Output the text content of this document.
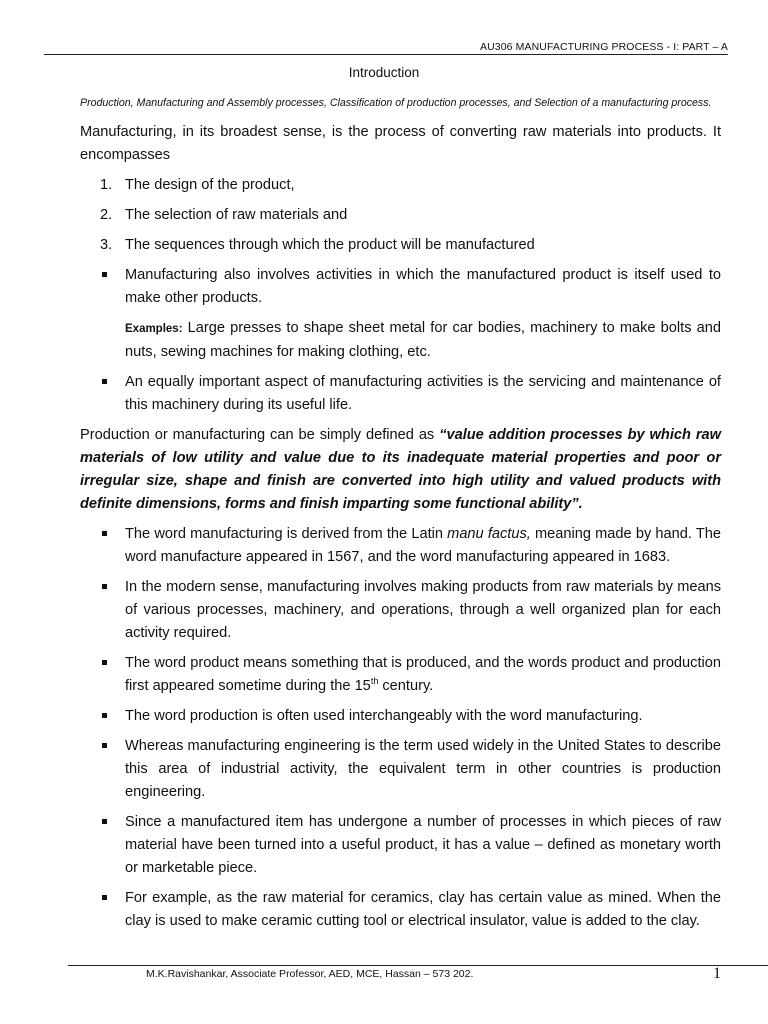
AU306 MANUFACTURING PROCESS - I: PART – A
Introduction
Production, Manufacturing and Assembly processes, Classification of production processes, and Selection of a manufacturing process.

Manufacturing, in its broadest sense, is the process of converting raw materials into products. It encompasses

1. The design of the product,
2. The selection of raw materials and
3. The sequences through which the product will be manufactured
Manufacturing also involves activities in which the manufactured product is itself used to make other products.

Examples: Large presses to shape sheet metal for car bodies, machinery to make bolts and nuts, sewing machines for making clothing, etc.

An equally important aspect of manufacturing activities is the servicing and maintenance of this machinery during its useful life.

Production or manufacturing can be simply defined as “value addition processes by which raw materials of low utility and value due to its inadequate material properties and poor or irregular size, shape and finish are converted into high utility and valued products with definite dimensions, forms and finish imparting some functional ability”.

The word manufacturing is derived from the Latin manu factus, meaning made by hand. The word manufacture appeared in 1567, and the word manufacturing appeared in 1683.
In the modern sense, manufacturing involves making products from raw materials by means of various processes, machinery, and operations, through a well organized plan for each activity required.
The word product means something that is produced, and the words product and production first appeared sometime during the 15th century.
The word production is often used interchangeably with the word manufacturing.
Whereas manufacturing engineering is the term used widely in the United States to describe this area of industrial activity, the equivalent term in other countries is production engineering.
Since a manufactured item has undergone a number of processes in which pieces of raw material have been turned into a useful product, it has a value – defined as monetary worth or marketable piece.
For example, as the raw material for ceramics, clay has certain value as mined. When the clay is used to make ceramic cutting tool or electrical insulator, value is added to the clay.
M.K.Ravishankar, Associate Professor, AED, MCE, Hassan – 573 202.	1
